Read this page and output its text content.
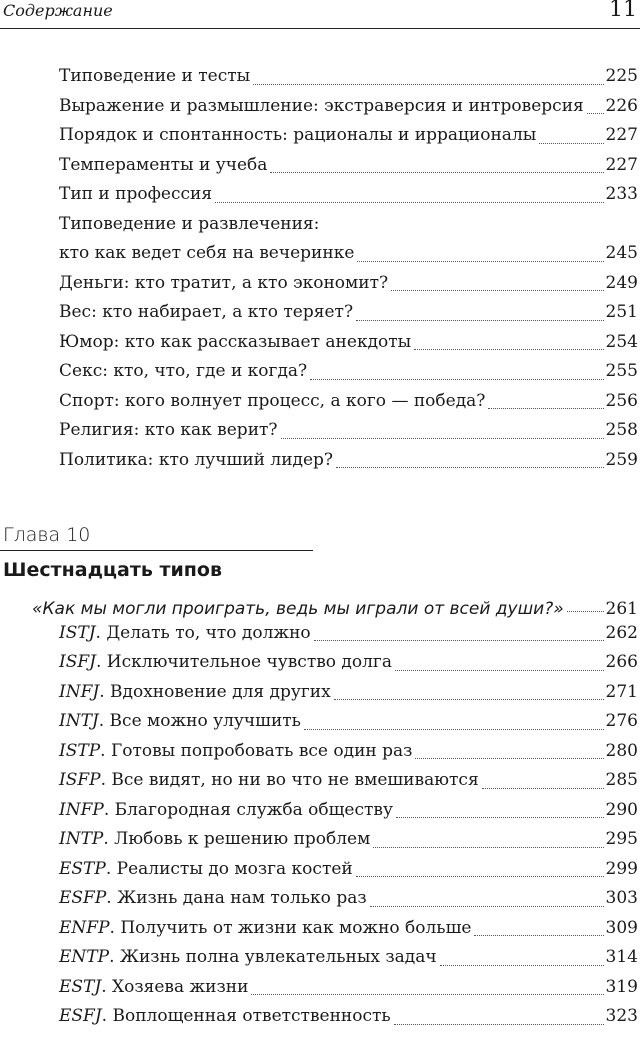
Содержание	11
Типоведение и тесты	225
Выражение и размышление: экстраверсия и интроверсия 226
Порядок и спонтанность: рационалы и иррационалы	227
Темпераменты и учеба	227
Тип и профессия	233
Типоведение и развлечения:
кто как ведет себя на вечеринке	245
Деньги: кто тратит, а кто экономит?	249
Вес: кто набирает, а кто теряет?	251
Юмор: кто как рассказывает анекдоты	254
Секс: кто, что, где и когда?	255
Спорт: кого волнует процесс, а кого — победа?	256
Религия: кто как верит?	258
Политика: кто лучший лидер?	259
Глава 10
Шестнадцать типов
«Как мы могли проиграть, ведь мы играли от всей души?» 261
ISTJ. Делать то, что должно	262
ISFJ. Исключительное чувство долга	266
INFJ. Вдохновение для других	271
INTJ. Все можно улучшить	276
ISTP. Готовы попробовать все один раз	280
ISFP. Все видят, но ни во что не вмешиваются	285
INFP. Благородная служба обществу	290
INTP. Любовь к решению проблем	295
ESTP. Реалисты до мозга костей	299
ESFP. Жизнь дана нам только раз	303
ENFP. Получить от жизни как можно больше	309
ENTP. Жизнь полна увлекательных задач	314
ESTJ. Хозяева жизни	319
ESFJ. Воплощенная ответственность	323
